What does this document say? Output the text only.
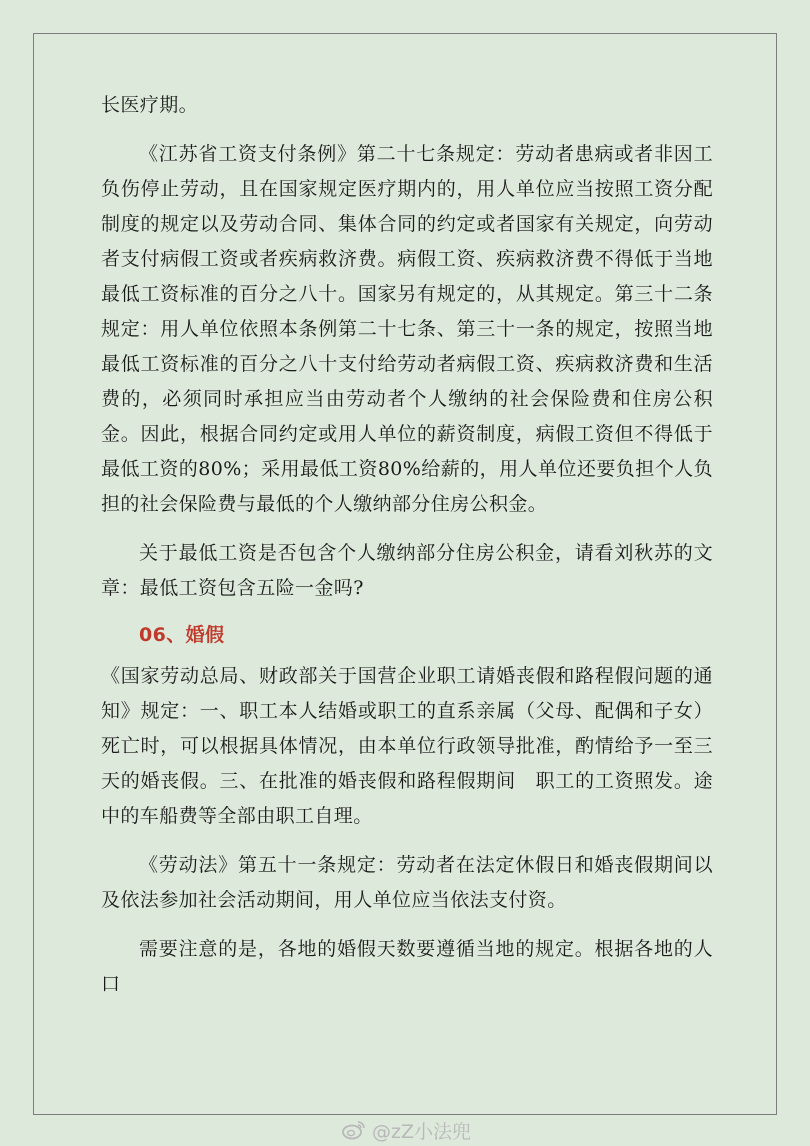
长医疗期。

《江苏省工资支付条例》第二十七条规定：劳动者患病或者非因工负伤停止劳动，且在国家规定医疗期内的，用人单位应当按照工资分配制度的规定以及劳动合同、集体合同的约定或者国家有关规定，向劳动者支付病假工资或者疾病救济费。病假工资、疾病救济费不得低于当地最低工资标准的百分之八十。国家另有规定的，从其规定。第三十二条规定：用人单位依照本条例第二十七条、第三十一条的规定，按照当地最低工资标准的百分之八十支付给劳动者病假工资、疾病救济费和生活费的，必须同时承担应当由劳动者个人缴纳的社会保险费和住房公积金。因此，根据合同约定或用人单位的薪资制度，病假工资但不得低于最低工资的80%；采用最低工资80%给薪的，用人单位还要负担个人负担的社会保险费与最低的个人缴纳部分住房公积金。

关于最低工资是否包含个人缴纳部分住房公积金，请看刘秋苏的文章：最低工资包含五险一金吗?

06、婚假

《国家劳动总局、财政部关于国营企业职工请婚丧假和路程假问题的通知》规定：一、职工本人结婚或职工的直系亲属（父母、配偶和子女）死亡时，可以根据具体情况，由本单位行政领导批准，酌情给予一至三天的婚丧假。三、在批准的婚丧假和路程假期间　职工的工资照发。途中的车船费等全部由职工自理。

《劳动法》第五十一条规定：劳动者在法定休假日和婚丧假期间以及依法参加社会活动期间，用人单位应当依法支付资。

需要注意的是，各地的婚假天数要遵循当地的规定。根据各地的人口

@zZ小法兜
